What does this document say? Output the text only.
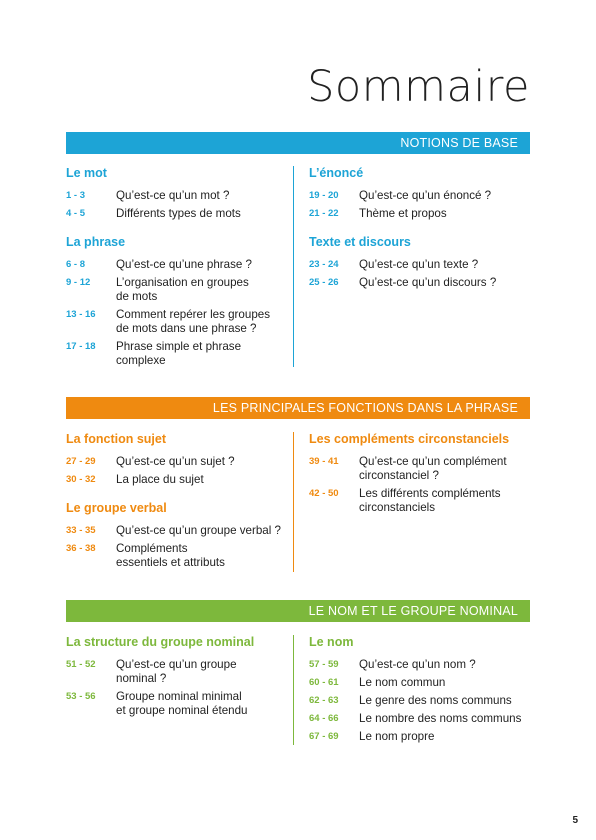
Sommaire
NOTIONS DE BASE
Le mot
1 - 3	Qu’est-ce qu’un mot ?
4 - 5	Différents types de mots
La phrase
6 - 8	Qu’est-ce qu’une phrase ?
9 - 12	L’organisation en groupes
de mots
13 - 16	Comment repérer les groupes
de mots dans une phrase ?
17 - 18	Phrase simple et phrase
complexe
L’énoncé
19 - 20	Qu’est-ce qu’un énoncé ?
21 - 22	Thème et propos
Texte et discours
23 - 24	Qu’est-ce qu’un texte ?
25 - 26	Qu’est-ce qu’un discours ?
LES PRINCIPALES FONCTIONS DANS LA PHRASE
La fonction sujet
27 - 29	Qu’est-ce qu’un sujet ?
30 - 32	La place du sujet
Le groupe verbal
33 - 35	Qu’est-ce qu’un groupe verbal ?
36 - 38	Compléments
essentiels et attributs
Les compléments circonstanciels
39 - 41	Qu’est-ce qu’un complément
circonstanciel ?
42 - 50	Les différents compléments
circonstanciels
LE NOM ET LE GROUPE NOMINAL
La structure du groupe nominal
51 - 52	Qu’est-ce qu’un groupe
nominal ?
53 - 56	Groupe nominal minimal
et groupe nominal étendu
Le nom
57 - 59	Qu’est-ce qu’un nom ?
60 - 61	Le nom commun
62 - 63	Le genre des noms communs
64 - 66	Le nombre des noms communs
67 - 69	Le nom propre
5
